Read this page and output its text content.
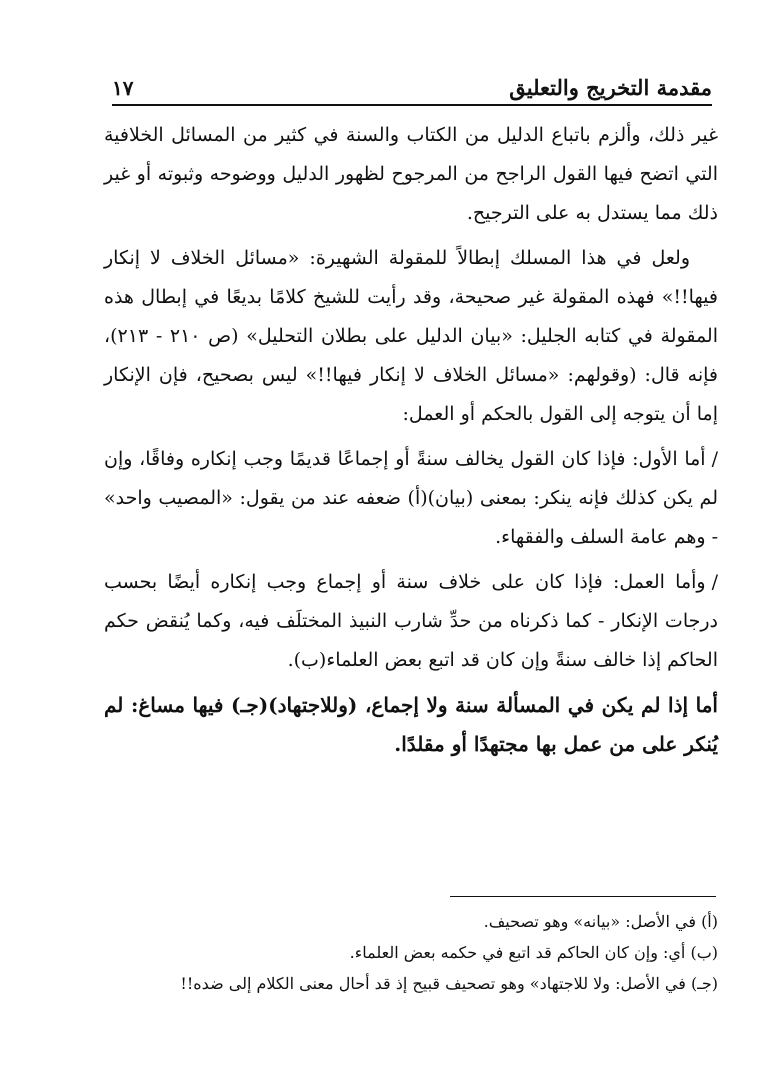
مقدمة التخريج والتعليق
١٧

غير ذلك، وألزم باتباع الدليل من الكتاب والسنة في كثير من المسائل الخلافية التي اتضح فيها القول الراجح من المرجوح لظهور الدليل ووضوحه وثبوته أو غير ذلك مما يستدل به على الترجيح.

ولعل في هذا المسلك إبطالاً للمقولة الشهيرة: «مسائل الخلاف لا إنكار فيها!!» فهذه المقولة غير صحيحة، وقد رأيت للشيخ كلامًا بديعًا في إبطال هذه المقولة في كتابه الجليل: «بيان الدليل على بطلان التحليل» (ص ٢١٠ - ٢١٣)، فإنه قال: (وقولهم: «مسائل الخلاف لا إنكار فيها!!» ليس بصحيح، فإن الإنكار إما أن يتوجه إلى القول بالحكم أو العمل:

/أما الأول: فإذا كان القول يخالف سنةً أو إجماعًا قديمًا وجب إنكاره وفاقًا، وإن لم يكن كذلك فإنه ينكر: بمعنى (بيان)(أ) ضعفه عند من يقول: «المصيب واحد» - وهم عامة السلف والفقهاء.

/وأما العمل: فإذا كان على خلاف سنة أو إجماع وجب إنكاره أيضًا بحسب درجات الإنكار - كما ذكرناه من حدِّ شارب النبيذ المختلَف فيه، وكما يُنقض حكم الحاكم إذا خالف سنةً وإن كان قد اتبع بعض العلماء(ب).

أما إذا لم يكن في المسألة سنة ولا إجماع، (وللاجتهاد)(جـ) فيها مساغ: لم يُنكر على من عمل بها مجتهدًا أو مقلدًا.

(أ) في الأصل: «بيانه» وهو تصحيف.

(ب) أي: وإن كان الحاكم قد اتبع في حكمه بعض العلماء.

(جـ) في الأصل: ولا للاجتهاد» وهو تصحيف قبيح إذ قد أحال معنى الكلام إلى ضده!!
